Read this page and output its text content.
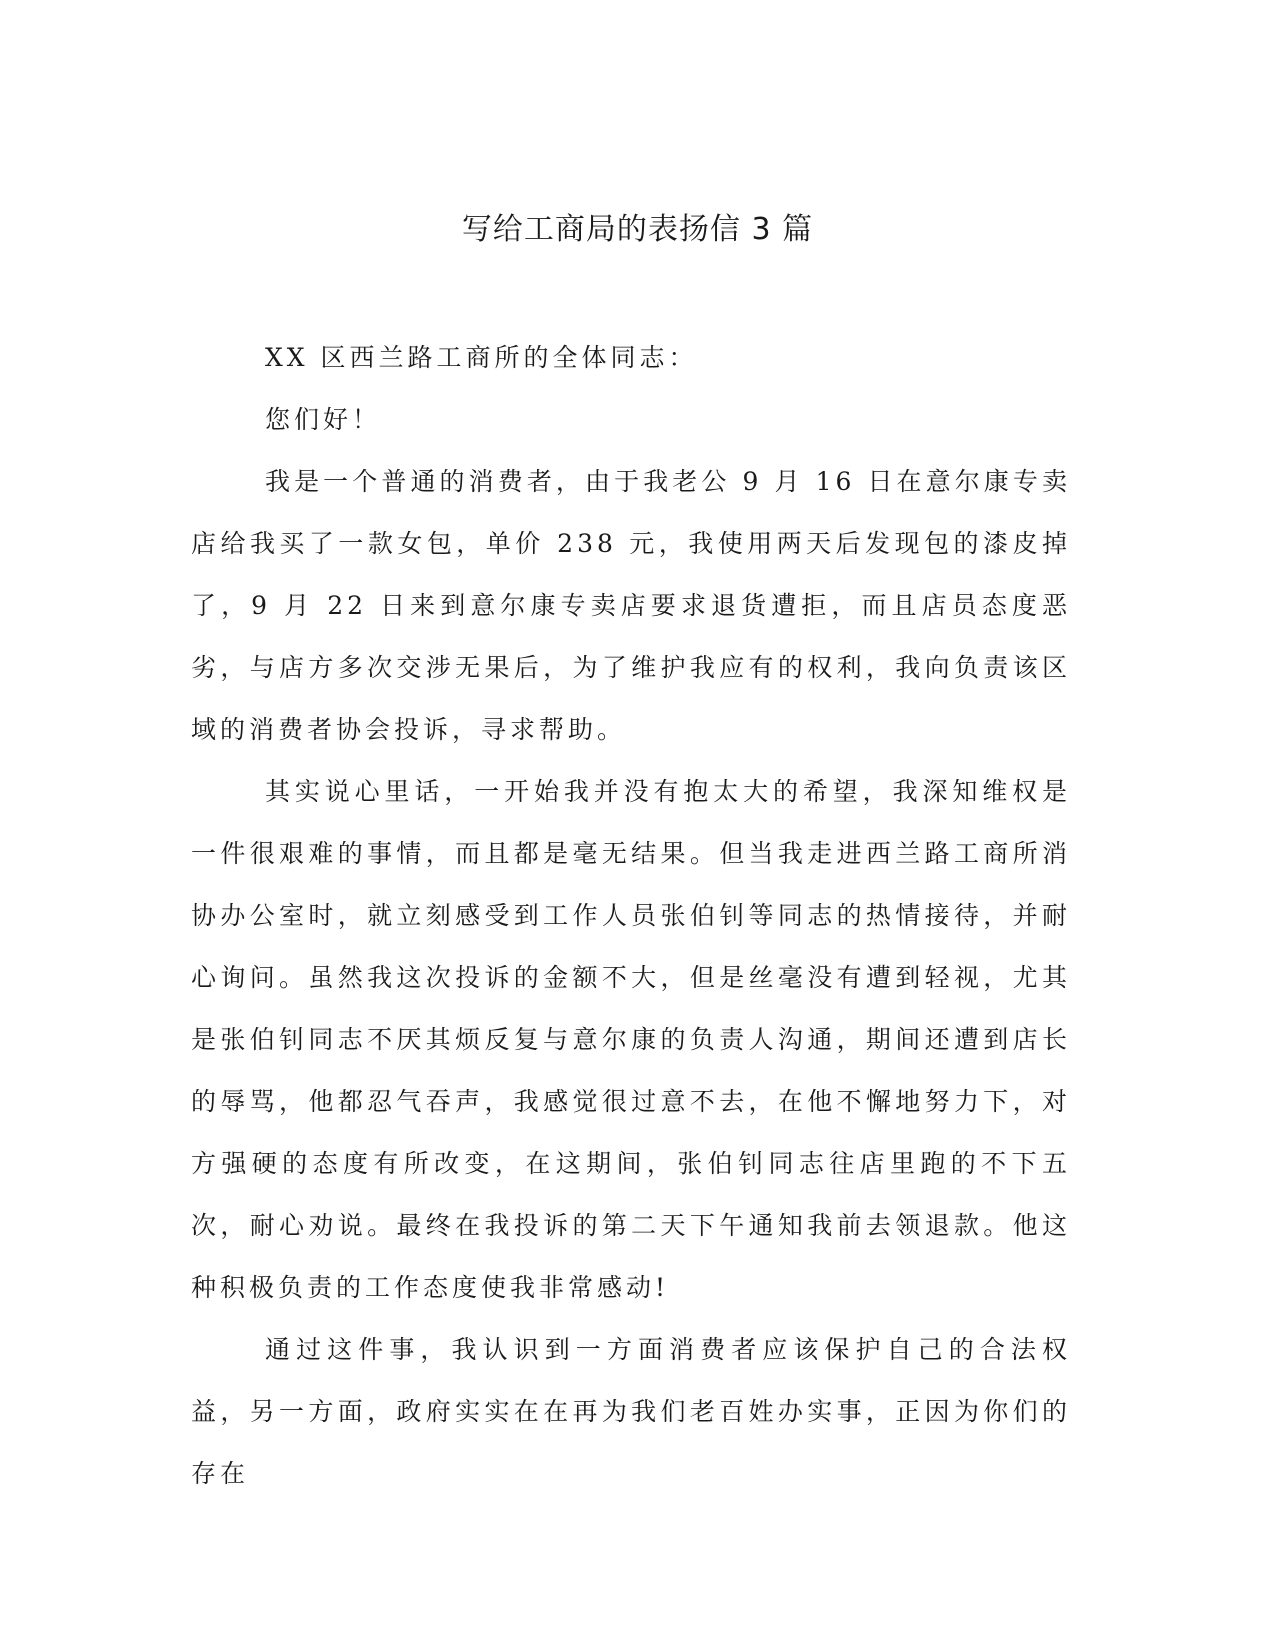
写给工商局的表扬信 3 篇

XX 区西兰路工商所的全体同志：

您们好！

我是一个普通的消费者，由于我老公 9 月 16 日在意尔康专卖店给我买了一款女包，单价 238 元，我使用两天后发现包的漆皮掉了，9 月 22 日来到意尔康专卖店要求退货遭拒，而且店员态度恶劣，与店方多次交涉无果后，为了维护我应有的权利，我向负责该区域的消费者协会投诉，寻求帮助。

其实说心里话，一开始我并没有抱太大的希望，我深知维权是一件很艰难的事情，而且都是毫无结果。但当我走进西兰路工商所消协办公室时，就立刻感受到工作人员张伯钊等同志的热情接待，并耐心询问。虽然我这次投诉的金额不大，但是丝毫没有遭到轻视，尤其是张伯钊同志不厌其烦反复与意尔康的负责人沟通，期间还遭到店长的辱骂，他都忍气吞声，我感觉很过意不去，在他不懈地努力下，对方强硬的态度有所改变，在这期间，张伯钊同志往店里跑的不下五次，耐心劝说。最终在我投诉的第二天下午通知我前去领退款。他这种积极负责的工作态度使我非常感动!

通过这件事，我认识到一方面消费者应该保护自己的合法权益，另一方面，政府实实在在再为我们老百姓办实事，正因为你们的存在
